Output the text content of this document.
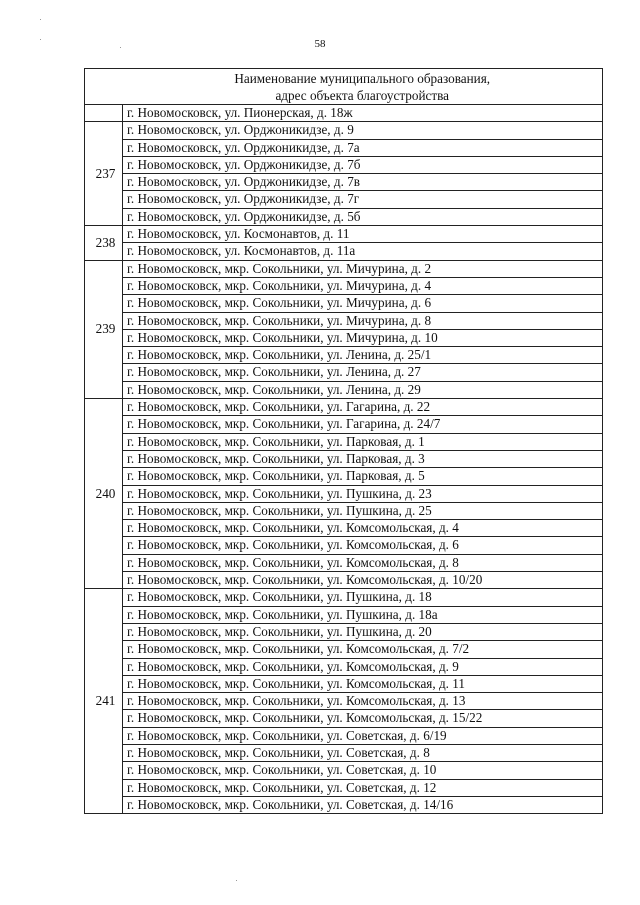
58
	Наименование муниципального образования,
адрес объекта благоустройства
	г. Новомосковск, ул. Пионерская, д. 18ж
237	г. Новомосковск, ул. Орджоникидзе, д. 9
	г. Новомосковск, ул. Орджоникидзе, д. 7а
	г. Новомосковск, ул. Орджоникидзе, д. 7б
	г. Новомосковск, ул. Орджоникидзе, д. 7в
	г. Новомосковск, ул. Орджоникидзе, д. 7г
	г. Новомосковск, ул. Орджоникидзе, д. 5б
238	г. Новомосковск, ул. Космонавтов, д. 11
	г. Новомосковск, ул. Космонавтов, д. 11а
239	г. Новомосковск, мкр. Сокольники, ул. Мичурина, д. 2
	г. Новомосковск, мкр. Сокольники, ул. Мичурина, д. 4
	г. Новомосковск, мкр. Сокольники, ул. Мичурина, д. 6
	г. Новомосковск, мкр. Сокольники, ул. Мичурина, д. 8
	г. Новомосковск, мкр. Сокольники, ул. Мичурина, д. 10
	г. Новомосковск, мкр. Сокольники, ул. Ленина, д. 25/1
	г. Новомосковск, мкр. Сокольники, ул. Ленина, д. 27
	г. Новомосковск, мкр. Сокольники, ул. Ленина, д. 29
240	г. Новомосковск, мкр. Сокольники, ул. Гагарина, д. 22
	г. Новомосковск, мкр. Сокольники, ул. Гагарина, д. 24/7
	г. Новомосковск, мкр. Сокольники, ул. Парковая, д. 1
	г. Новомосковск, мкр. Сокольники, ул. Парковая, д. 3
	г. Новомосковск, мкр. Сокольники, ул. Парковая, д. 5
	г. Новомосковск, мкр. Сокольники, ул. Пушкина, д. 23
	г. Новомосковск, мкр. Сокольники, ул. Пушкина, д. 25
	г. Новомосковск, мкр. Сокольники, ул. Комсомольская, д. 4
	г. Новомосковск, мкр. Сокольники, ул. Комсомольская, д. 6
	г. Новомосковск, мкр. Сокольники, ул. Комсомольская, д. 8
	г. Новомосковск, мкр. Сокольники, ул. Комсомольская, д. 10/20
241	г. Новомосковск, мкр. Сокольники, ул. Пушкина, д. 18
	г. Новомосковск, мкр. Сокольники, ул. Пушкина, д. 18а
	г. Новомосковск, мкр. Сокольники, ул. Пушкина, д. 20
	г. Новомосковск, мкр. Сокольники, ул. Комсомольская, д. 7/2
	г. Новомосковск, мкр. Сокольники, ул. Комсомольская, д. 9
	г. Новомосковск, мкр. Сокольники, ул. Комсомольская, д. 11
	г. Новомосковск, мкр. Сокольники, ул. Комсомольская, д. 13
	г. Новомосковск, мкр. Сокольники, ул. Комсомольская, д. 15/22
	г. Новомосковск, мкр. Сокольники, ул. Советская, д. 6/19
	г. Новомосковск, мкр. Сокольники, ул. Советская, д. 8
	г. Новомосковск, мкр. Сокольники, ул. Советская, д. 10
	г. Новомосковск, мкр. Сокольники, ул. Советская, д. 12
	г. Новомосковск, мкр. Сокольники, ул. Советская, д. 14/16
